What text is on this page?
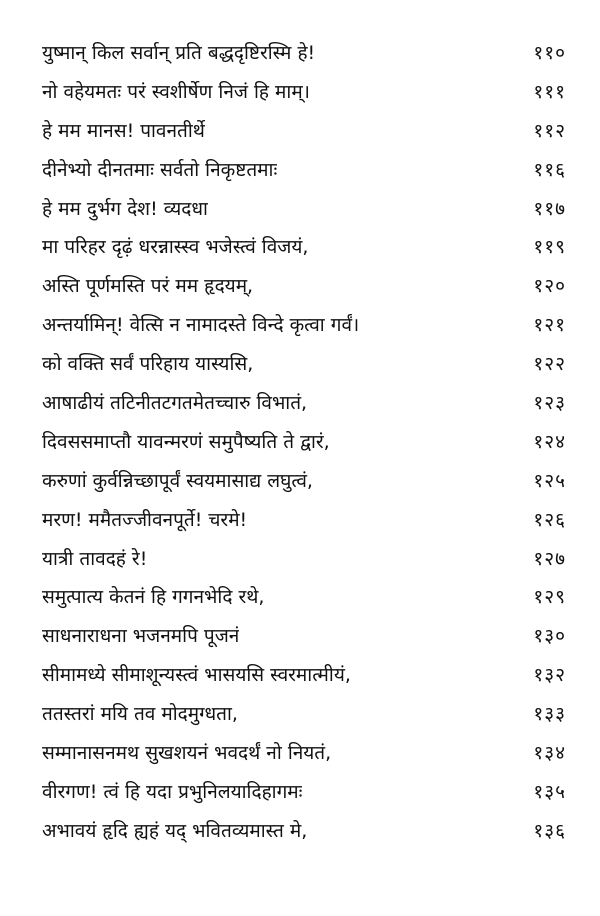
युष्मान् किल सर्वान् प्रति बद्धदृष्टिरस्मि हे!	११०
नो वहेयमतः परं स्वशीर्षेण निजं हि माम्।	१११
हे मम मानस! पावनतीर्थे	११२
दीनेभ्यो दीनतमाः सर्वतो निकृष्टतमाः	११६
हे मम दुर्भग देश! व्यदधा	११७
मा परिहर दृढ़ं धरन्नास्स्व भजेस्त्वं विजयं,	११९
अस्ति पूर्णमस्ति परं मम हृदयम्,	१२०
अन्तर्यामिन्! वेत्सि न नामादस्ते विन्दे कृत्वा गर्वं।	१२१
को वक्ति सर्वं परिहाय यास्यसि,	१२२
आषाढीयं तटिनीतटगतमेतच्चारु विभातं,	१२३
दिवससमाप्तौ यावन्मरणं समुपैष्यति ते द्वारं,	१२४
करुणां कुर्वन्निच्छापूर्वं स्वयमासाद्य लघुत्वं,	१२५
मरण! ममैतज्जीवनपूर्ते! चरमे!	१२६
यात्री तावदहं रे!	१२७
समुत्पात्य केतनं हि गगनभेदि रथे,	१२९
साधनाराधना भजनमपि पूजनं	१३०
सीमामध्ये सीमाशून्यस्त्वं भासयसि स्वरमात्मीयं,	१३२
ततस्तरां मयि तव मोदमुग्धता,	१३३
सम्मानासनमथ सुखशयनं भवदर्थं नो नियतं,	१३४
वीरगण! त्वं हि यदा प्रभुनिलयादिहागमः	१३५
अभावयं हृदि ह्यहं यद् भवितव्यमास्त मे,	१३६
